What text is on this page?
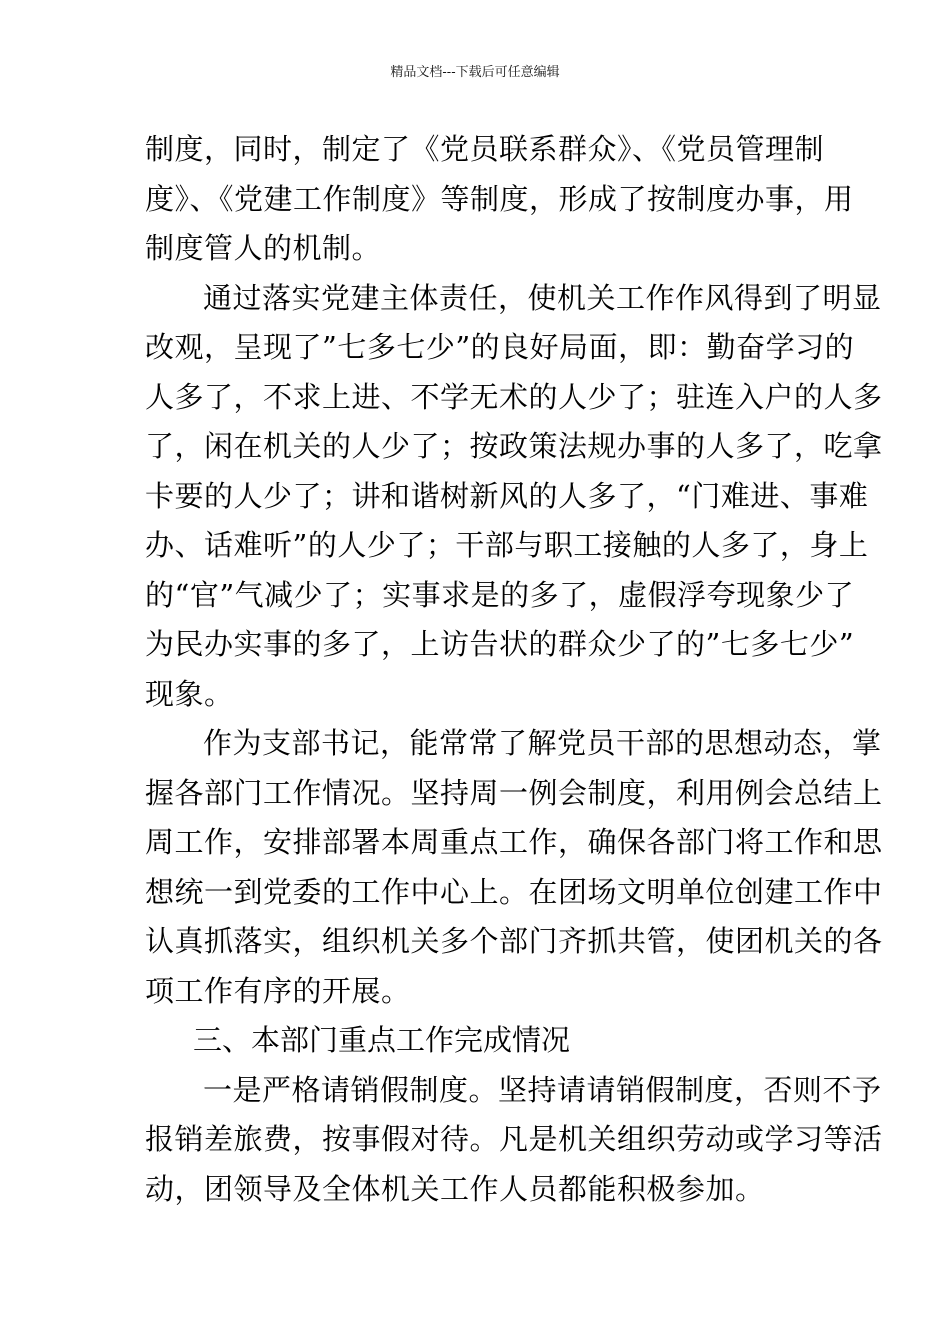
精品文档---下载后可任意编辑
制度，同时，制定了《党员联系群众》、《党员管理制
度》、《党建工作制度》等制度，形成了按制度办事，用
制度管人的机制。
通过落实党建主体责任，使机关工作作风得到了明显
改观，呈现了”七多七少”的良好局面，即：勤奋学习的
人多了，不求上进、不学无术的人少了；驻连入户的人多
了，闲在机关的人少了；按政策法规办事的人多了，吃拿
卡要的人少了；讲和谐树新风的人多了，“门难进、事难
办、话难听”的人少了；干部与职工接触的人多了，身上
的“官”气减少了；实事求是的多了，虚假浮夸现象少了
为民办实事的多了，上访告状的群众少了的”七多七少”
现象。
作为支部书记，能常常了解党员干部的思想动态，掌
握各部门工作情况。坚持周一例会制度，利用例会总结上
周工作，安排部署本周重点工作，确保各部门将工作和思
想统一到党委的工作中心上。在团场文明单位创建工作中
认真抓落实，组织机关多个部门齐抓共管，使团机关的各
项工作有序的开展。
三、本部门重点工作完成情况
一是严格请销假制度。坚持请请销假制度，否则不予
报销差旅费，按事假对待。凡是机关组织劳动或学习等活
动，团领导及全体机关工作人员都能积极参加。
